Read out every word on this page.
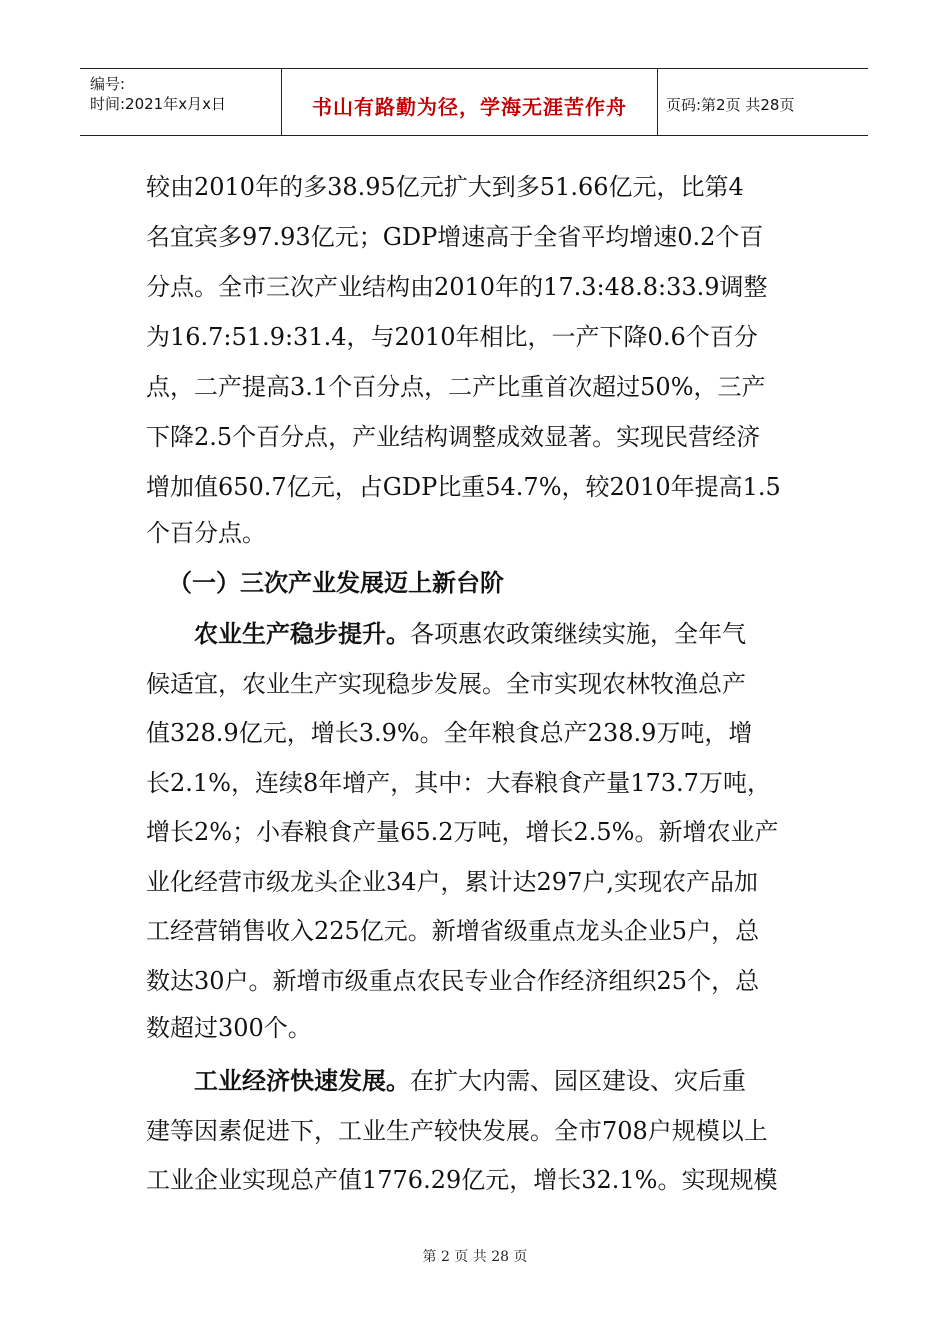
编号:
时间:2021年x月x日	书山有路勤为径，学海无涯苦作舟	页码:第2页 共28页
较由2010年的多38.95亿元扩大到多51.66亿元，比第4
名宜宾多97.93亿元；GDP增速高于全省平均增速0.2个百
分点。全市三次产业结构由2010年的17.3:48.8:33.9调整
为16.7:51.9:31.4，与2010年相比，一产下降0.6个百分
点，二产提高3.1个百分点，二产比重首次超过50%，三产
下降2.5个百分点，产业结构调整成效显著。实现民营经济
增加值650.7亿元，占GDP比重54.7%，较2010年提高1.5
个百分点。
（一）三次产业发展迈上新台阶
农业生产稳步提升。各项惠农政策继续实施，全年气
候适宜，农业生产实现稳步发展。全市实现农林牧渔总产
值328.9亿元，增长3.9%。全年粮食总产238.9万吨，增
长2.1%，连续8年增产，其中：大春粮食产量173.7万吨，
增长2%；小春粮食产量65.2万吨，增长2.5%。新增农业产
业化经营市级龙头企业34户，累计达297户,实现农产品加
工经营销售收入225亿元。新增省级重点龙头企业5户，总
数达30户。新增市级重点农民专业合作经济组织25个，总
数超过300个。
工业经济快速发展。在扩大内需、园区建设、灾后重
建等因素促进下，工业生产较快发展。全市708户规模以上
工业企业实现总产值1776.29亿元，增长32.1%。实现规模
第 2 页 共 28 页
